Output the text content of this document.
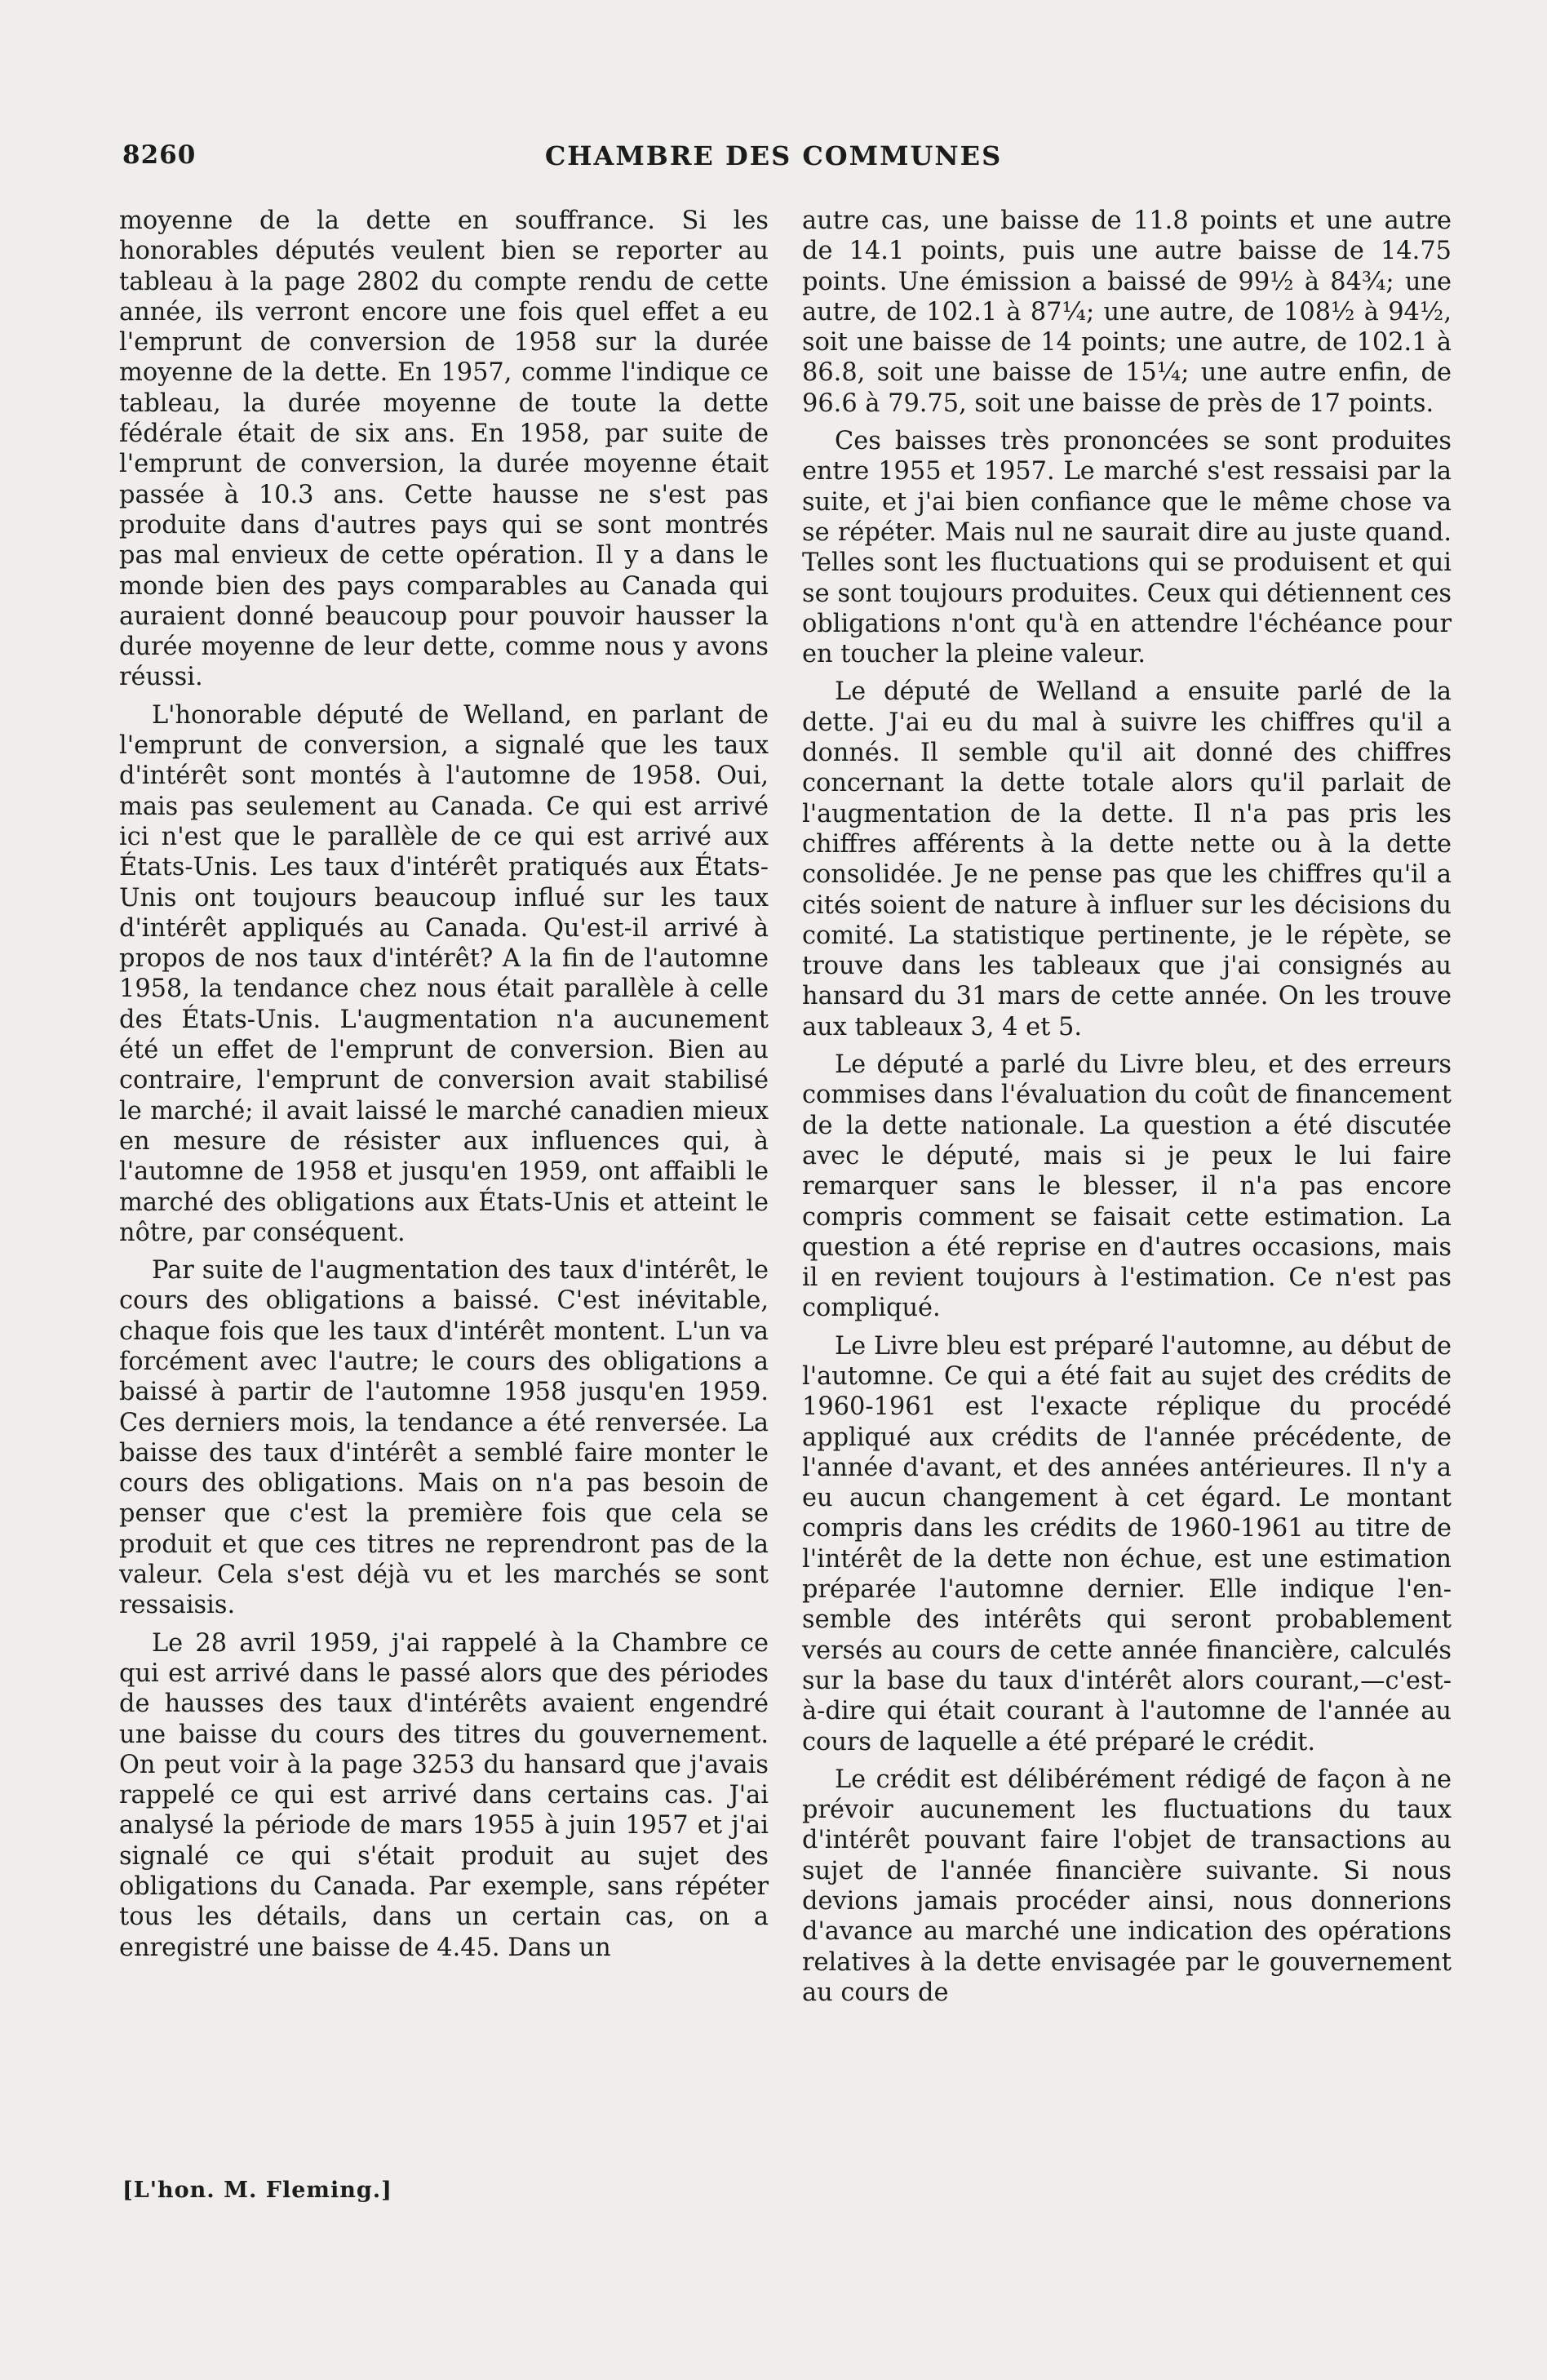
8260	CHAMBRE DES COMMUNES

moyenne de la dette en souffrance. Si les honorables députés veulent bien se reporter au tableau à la page 2802 du compte rendu de cette année, ils verront encore une fois quel effet a eu l'emprunt de conversion de 1958 sur la durée moyenne de la dette. En 1957, comme l'indique ce tableau, la durée moyenne de toute la dette fédérale était de six ans. En 1958, par suite de l'emprunt de conversion, la durée moyenne était passée à 10.3 ans. Cette hausse ne s'est pas produite dans d'autres pays qui se sont montrés pas mal envieux de cette opération. Il y a dans le monde bien des pays comparables au Canada qui auraient donné beaucoup pour pouvoir hausser la durée moyenne de leur dette, comme nous y avons réussi.

L'honorable député de Welland, en parlant de l'emprunt de conversion, a signalé que les taux d'intérêt sont montés à l'automne de 1958. Oui, mais pas seulement au Canada. Ce qui est arrivé ici n'est que le parallèle de ce qui est arrivé aux États-Unis. Les taux d'intérêt pratiqués aux États-Unis ont toujours beaucoup influé sur les taux d'intérêt appliqués au Canada. Qu'est-il arrivé à propos de nos taux d'intérêt? A la fin de l'automne 1958, la tendance chez nous était parallèle à celle des États-Unis. L'augmentation n'a aucunement été un effet de l'emprunt de conversion. Bien au contraire, l'emprunt de conversion avait stabilisé le marché; il avait laissé le marché canadien mieux en mesure de résister aux influences qui, à l'automne de 1958 et jusqu'en 1959, ont affaibli le marché des obligations aux États-Unis et atteint le nôtre, par conséquent.

Par suite de l'augmentation des taux d'intérêt, le cours des obligations a baissé. C'est inévitable, chaque fois que les taux d'intérêt montent. L'un va forcément avec l'autre; le cours des obligations a baissé à partir de l'automne 1958 jusqu'en 1959. Ces derniers mois, la tendance a été renversée. La baisse des taux d'intérêt a semblé faire monter le cours des obligations. Mais on n'a pas besoin de penser que c'est la première fois que cela se produit et que ces titres ne reprendront pas de la valeur. Cela s'est déjà vu et les marchés se sont ressaisis.

Le 28 avril 1959, j'ai rappelé à la Chambre ce qui est arrivé dans le passé alors que des périodes de hausses des taux d'intérêts avaient engendré une baisse du cours des titres du gouvernement. On peut voir à la page 3253 du hansard que j'avais rappelé ce qui est arrivé dans certains cas. J'ai analysé la période de mars 1955 à juin 1957 et j'ai signalé ce qui s'était produit au sujet des obligations du Canada. Par exemple, sans répéter tous les détails, dans un certain cas, on a enregistré une baisse de 4.45. Dans un

autre cas, une baisse de 11.8 points et une autre de 14.1 points, puis une autre baisse de 14.75 points. Une émission a baissé de 99½ à 84¾; une autre, de 102.1 à 87¼; une autre, de 108½ à 94½, soit une baisse de 14 points; une autre, de 102.1 à 86.8, soit une baisse de 15¼; une autre enfin, de 96.6 à 79.75, soit une baisse de près de 17 points.

Ces baisses très prononcées se sont produites entre 1955 et 1957. Le marché s'est ressaisi par la suite, et j'ai bien confiance que le même chose va se répéter. Mais nul ne saurait dire au juste quand. Telles sont les fluctuations qui se produisent et qui se sont toujours produites. Ceux qui détiennent ces obligations n'ont qu'à en attendre l'échéance pour en toucher la pleine valeur.

Le député de Welland a ensuite parlé de la dette. J'ai eu du mal à suivre les chiffres qu'il a donnés. Il semble qu'il ait donné des chiffres concernant la dette totale alors qu'il parlait de l'augmentation de la dette. Il n'a pas pris les chiffres afférents à la dette nette ou à la dette consolidée. Je ne pense pas que les chiffres qu'il a cités soient de nature à influer sur les décisions du comité. La statistique pertinente, je le répète, se trouve dans les tableaux que j'ai consignés au hansard du 31 mars de cette année. On les trouve aux tableaux 3, 4 et 5.

Le député a parlé du Livre bleu, et des erreurs commises dans l'évaluation du coût de financement de la dette nationale. La question a été discutée avec le député, mais si je peux le lui faire remarquer sans le blesser, il n'a pas encore compris comment se faisait cette estimation. La question a été reprise en d'autres occasions, mais il en revient toujours à l'estimation. Ce n'est pas compliqué.

Le Livre bleu est préparé l'automne, au début de l'automne. Ce qui a été fait au sujet des crédits de 1960-1961 est l'exacte réplique du procédé appliqué aux crédits de l'année précédente, de l'année d'avant, et des années antérieures. Il n'y a eu aucun changement à cet égard. Le montant compris dans les crédits de 1960-1961 au titre de l'intérêt de la dette non échue, est une estimation préparée l'automne dernier. Elle indique l'ensemble des intérêts qui seront probablement versés au cours de cette année financière, calculés sur la base du taux d'intérêt alors courant,—c'est-à-dire qui était courant à l'automne de l'année au cours de laquelle a été préparé le crédit.

Le crédit est délibérément rédigé de façon à ne prévoir aucunement les fluctuations du taux d'intérêt pouvant faire l'objet de transactions au sujet de l'année financière suivante. Si nous devions jamais procéder ainsi, nous donnerions d'avance au marché une indication des opérations relatives à la dette envisagée par le gouvernement au cours de

[L'hon. M. Fleming.]
